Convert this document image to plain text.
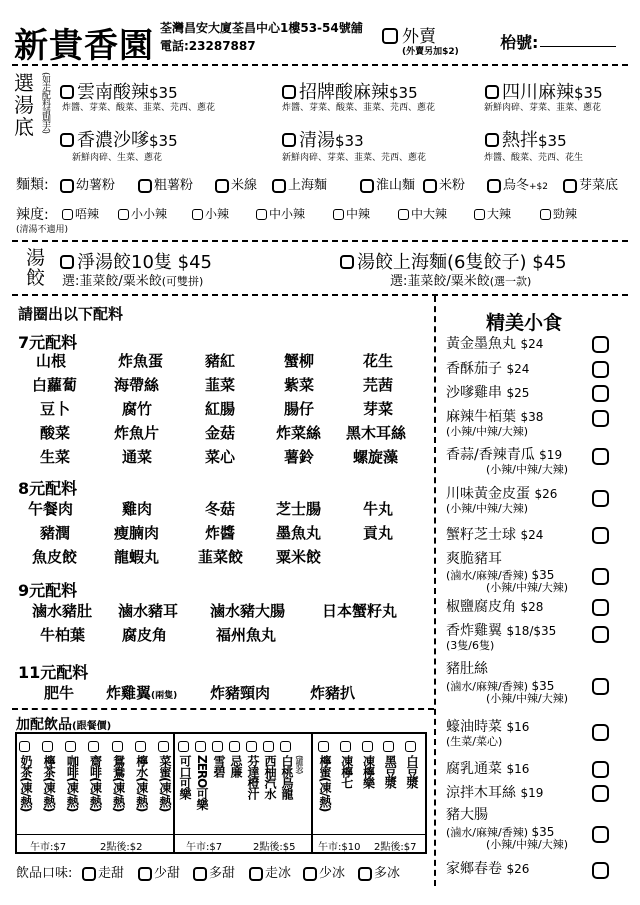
新貴香園 荃灣昌安大廈荃昌中心1樓53-54號舖
電話:23287887	外賣
(外賣另加$2)	枱號:
選湯底 (如走配料請剔去)	雲南酸辣$35
炸醬、芽菜、酸菜、韮菜、芫西、蔥花
招牌酸麻辣$35
炸醬、芽菜、酸菜、韮菜、芫西、蔥花
四川麻辣$35
新鮮肉碎、芽菜、韮菜、蔥花
香濃沙嗲$35
新鮮肉碎、生菜、蔥花
清湯$33
新鮮肉碎、芽菜、韮菜、芫西、蔥花
熱拌$35
炸醬、酸菜、芫西、花生
麵類:	幼薯粉	粗薯粉	米線	上海麵	淮山麵	米粉	烏冬+$2	芽菜底
辣度:
(清湯不適用)
唔辣	小小辣	小辣	中小辣	中辣	中大辣	大辣	勁辣
湯餃
淨湯餃10隻 $45
選:韮菜餃/粟米餃(可雙拼)
湯餃上海麵(6隻餃子) $45
選:韮菜餃/粟米餃(選一款)
請圈出以下配料
7元配料
山根	炸魚蛋	豬紅	蟹柳	花生
白蘿蔔 海帶絲	韮菜	紫菜	芫茜
豆卜	腐竹	紅腸	腸仔	芽菜
酸菜	炸魚片	金菇	炸菜絲 黑木耳絲
生菜	通菜	菜心	薯鈴	螺旋藻
8元配料
午餐肉	雞肉	冬菇	芝士腸	牛丸
豬潤	瘦腩肉	炸醬	墨魚丸	貢丸
魚皮餃 龍蝦丸	韮菜餃 粟米餃
9元配料
滷水豬肚 滷水豬耳 滷水豬大腸 日本蟹籽丸
牛柏葉 腐皮角	福州魚丸
11元配料
肥牛 炸雞翼(兩隻) 炸豬頸肉	炸豬扒
加配飲品(跟餐價)
奶茶(凍/熱) 檸茶(凍/熱) 咖啡(凍/熱) 齋啡(凍/熱) 鴛鴦(凍/熱) 檸水(凍/熱) 菜蜜(凍/熱)
午市:$7	2點後:$2
可口可樂 ZERO可樂 雪碧 忌廉 芬達橙汁 西柚汽水 白桃烏龍 (罐裝)
午市:$7	2點後:$5
檸蜜(凍/熱) 凍檸七 凍檸樂 黑豆漿 白豆漿
午市:$10 2點後:$7
飲品口味:	走甜	少甜	多甜	走冰	少冰	多冰
精美小食
黃金墨魚丸 $24
香酥茄子 $24
沙嗲雞串 $25
麻辣牛栢葉 $38
(小辣/中辣/大辣)
香蒜/香辣青瓜 $19
(小辣/中辣/大辣)
川味黃金皮蛋 $26
(小辣/中辣/大辣)
蟹籽芝士球 $24
爽脆豬耳
(滷水/麻辣/香辣) $35
(小辣/中辣/大辣)
椒鹽腐皮角 $28
香炸雞翼 $18/$35
(3隻/6隻)
豬肚絲
(滷水/麻辣/香辣) $35
(小辣/中辣/大辣)
蠔油時菜 $16
(生菜/菜心)
腐乳通菜 $16
涼拌木耳絲 $19
豬大腸
(滷水/麻辣/香辣) $35
(小辣/中辣/大辣)
家鄉春卷 $26
